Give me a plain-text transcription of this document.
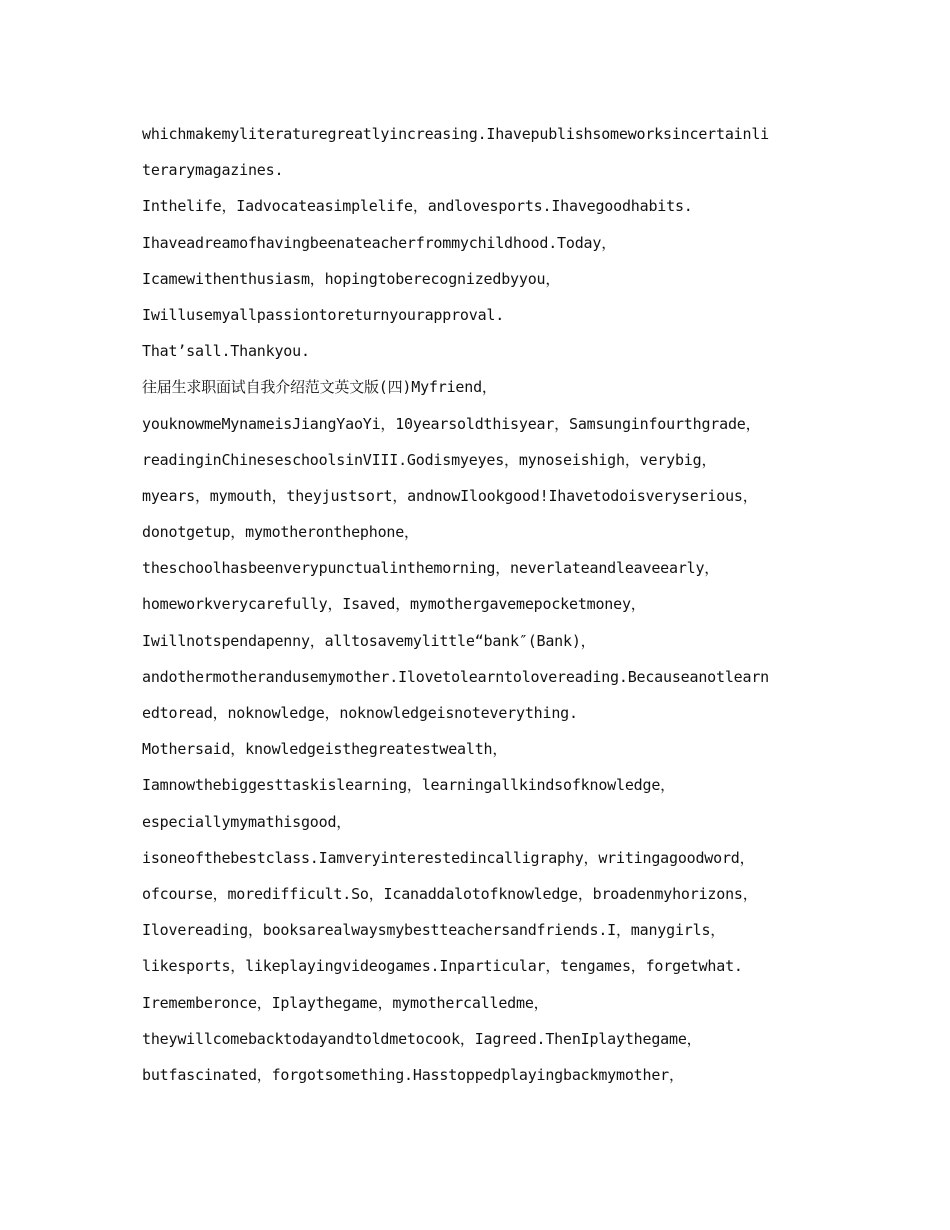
whichmakemyliteraturegreatlyincreasing.Ihavepublishsomeworksincertainli
terarymagazines.
Inthelife，Iadvocateasimplelife，andlovesports.Ihavegoodhabits.
Ihaveadreamofhavingbeenateacherfrommychildhood.Today，
Icamewithenthusiasm，hopingtoberecognizedbyyou，
Iwillusemyallpassiontoreturnyourapproval.
That’sall.Thankyou.
往届生求职面试自我介绍范文英文版(四)Myfriend，
youknowmeMynameisJiangYaoYi，10yearsoldthisyear，Samsunginfourthgrade，
readinginChineseschoolsinVIII.Godismyeyes，mynoseishigh，verybig，
myears，mymouth，theyjustsort，andnowIlookgood!Ihavetodoisveryserious，
donotgetup，mymotheronthephone，
theschoolhasbeenverypunctualinthemorning，neverlateandleaveearly，
homeworkverycarefully，Isaved，mymothergavemepocketmoney，
Iwillnotspendapenny，alltosavemylittle“bank″(Bank)，
andothermotherandusemymother.Ilovetolearntolovereading.Becauseanotlearn
edtoread，noknowledge，noknowledgeisnoteverything.
Mothersaid，knowledgeisthegreatestwealth，
Iamnowthebiggesttaskislearning，learningallkindsofknowledge，
especiallymymathisgood，
isoneofthebestclass.Iamveryinterestedincalligraphy，writingagoodword，
ofcourse，moredifficult.So，Icanaddalotofknowledge，broadenmyhorizons，
Ilovereading，booksarealwaysmybestteachersandfriends.I，manygirls，
likesports，likeplayingvideogames.Inparticular，tengames，forgetwhat.
Irememberonce，Iplaythegame，mymothercalledme，
theywillcomebacktodayandtoldmetocook，Iagreed.ThenIplaythegame，
butfascinated，forgotsomething.Hasstoppedplayingbackmymother，
